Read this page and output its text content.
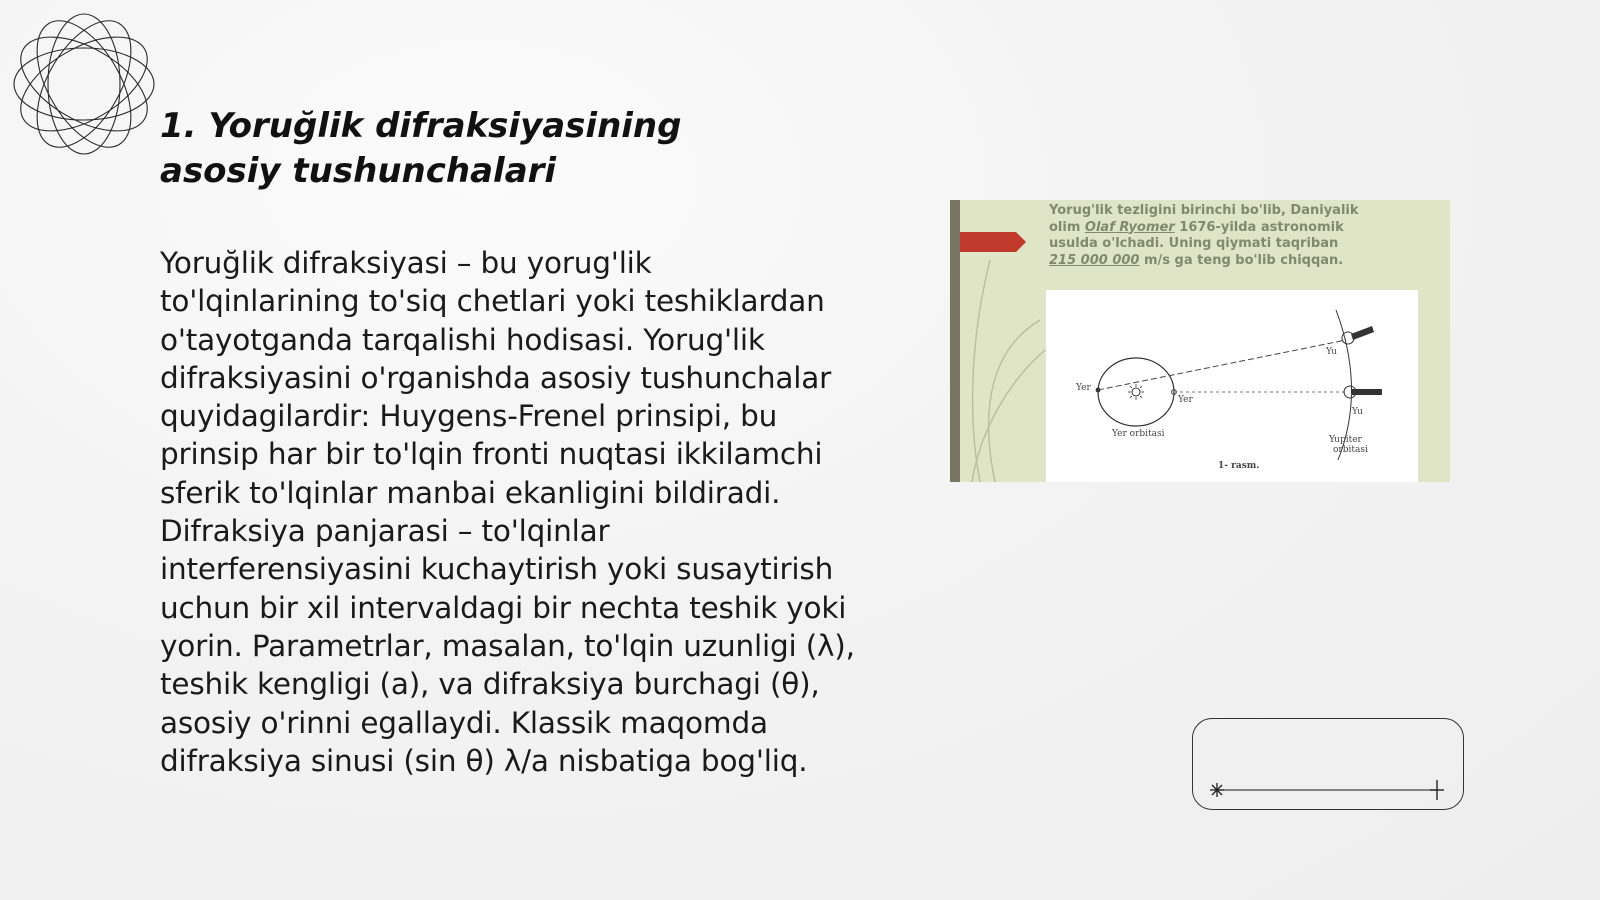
1. Yoruğlik difraksiyasining asosiy tushunchalari

Yoruğlik difraksiyasi – bu yorug'lik to'lqinlarining to'siq chetlari yoki teshiklardan o'tayotganda tarqalishi hodisasi. Yorug'lik difraksiyasini o'rganishda asosiy tushunchalar quyidagilardir: Huygens-Frenel prinsipi, bu prinsip har bir to'lqin fronti nuqtasi ikkilamchi sferik to'lqinlar manbai ekanligini bildiradi. Difraksiya panjarasi – to'lqinlar interferensiyasini kuchaytirish yoki susaytirish uchun bir xil intervaldagi bir nechta teshik yoki yorin. Parametrlar, masalan, to'lqin uzunligi (λ), teshik kengligi (a), va difraksiya burchagi (θ), asosiy o'rinni egallaydi. Klassik maqomda difraksiya sinusi (sin θ) λ/a nisbatiga bog'liq.

Yorug'lik tezligini birinchi bo'lib, Daniyalik
olim Olaf Ryomer 1676-yilda astronomik
usulda o'lchadi. Uning qiymati taqriban
215 000 000 m/s ga teng bo'lib chiqqan.

Yer
Yer
Yer orbitasi
Yu
Yu
Yupiter
orbitasi
1- rasm.
